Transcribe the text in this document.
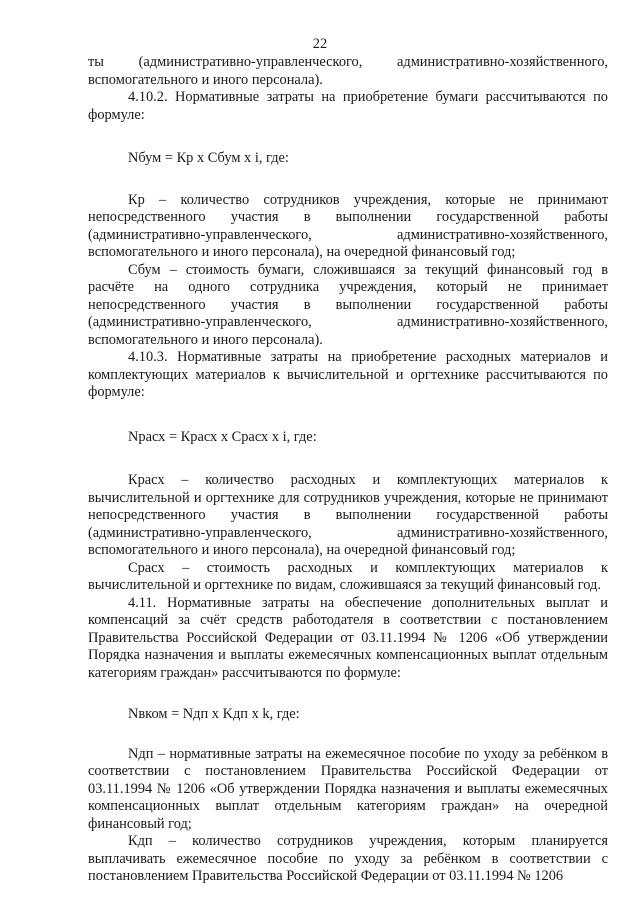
22

ты (административно-управленческого, административно-хозяйственного, вспомогательного и иного персонала).

4.10.2. Нормативные затраты на приобретение бумаги рассчитываются по формуле:

Nбум = Кр х Сбум х i, где:

Кр – количество сотрудников учреждения, которые не принимают непосредственного участия в выполнении государственной работы (административно-управленческого, административно-хозяйственного, вспомогательного и иного персонала), на очередной финансовый год;

Сбум – стоимость бумаги, сложившаяся за текущий финансовый год в расчёте на одного сотрудника учреждения, который не принимает непосредственного участия в выполнении государственной работы (административно-управленческого, административно-хозяйственного, вспомогательного и иного персонала).

4.10.3. Нормативные затраты на приобретение расходных материалов и комплектующих материалов к вычислительной и оргтехнике рассчитываются по формуле:

Nрасх = Красх х Срасх х i, где:

Красх – количество расходных и комплектующих материалов к вычислительной и оргтехнике для сотрудников учреждения, которые не принимают непосредственного участия в выполнении государственной работы (административно-управленческого, административно-хозяйственного, вспомогательного и иного персонала), на очередной финансовый год;

Срасх – стоимость расходных и комплектующих материалов к вычислительной и оргтехнике по видам, сложившаяся за текущий финансовый год.

4.11. Нормативные затраты на обеспечение дополнительных выплат и компенсаций за счёт средств работодателя в соответствии с постановлением Правительства Российской Федерации от 03.11.1994 № 1206 «Об утверждении Порядка назначения и выплаты ежемесячных компенсационных выплат отдельным категориям граждан» рассчитываются по формуле:

Nвком = Nдп х Kдп х k, где:

Nдп – нормативные затраты на ежемесячное пособие по уходу за ребёнком в соответствии с постановлением Правительства Российской Федерации от 03.11.1994 № 1206 «Об утверждении Порядка назначения и выплаты ежемесячных компенсационных выплат отдельным категориям граждан» на очередной финансовый год;

Кдп – количество сотрудников учреждения, которым планируется выплачивать ежемесячное пособие по уходу за ребёнком в соответствии с постановлением Правительства Российской Федерации от 03.11.1994 № 1206
